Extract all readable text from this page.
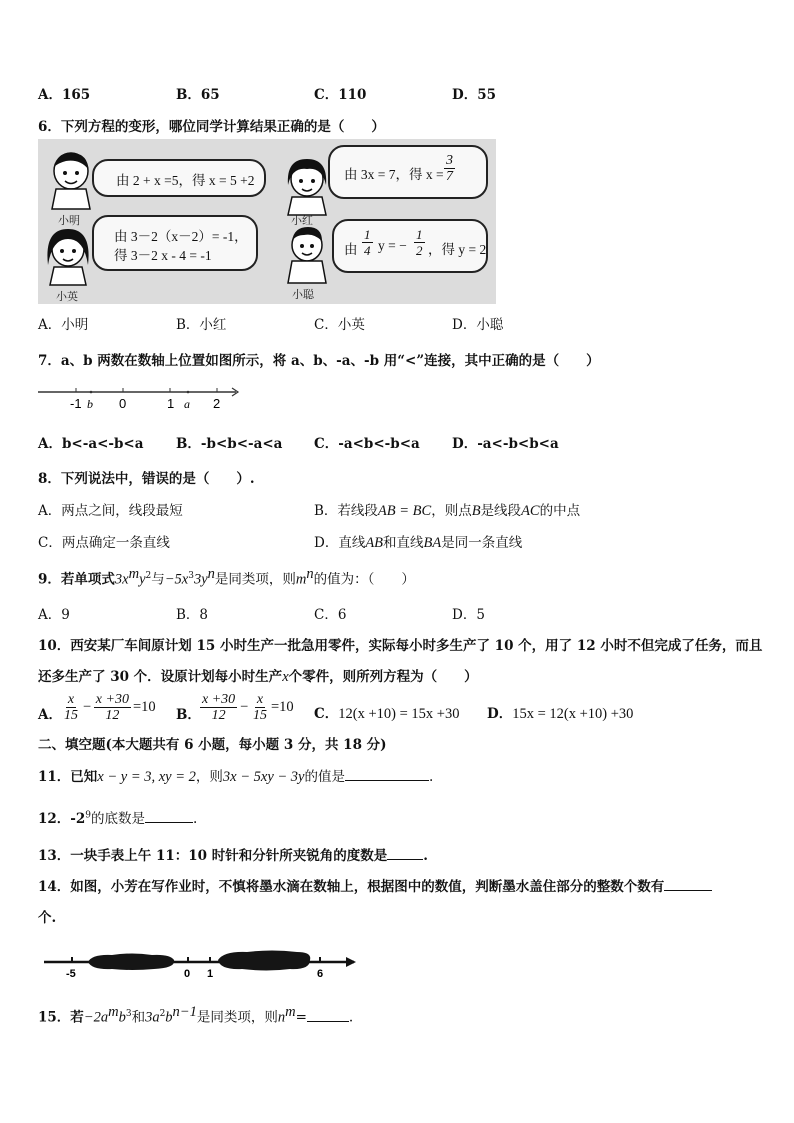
A．165	B．65	C．110	D．55
6．下列方程的变形，哪位同学计算结果正确的是（　　）
小明
由 2 + x =5，得 x = 5 +2
小红
由 3x = 7，得 $x = \frac{3}{7}$
小英
由 3－2（x－2）= -1，
得 3－2 x - 4 = -1
小聪
由 $\frac{1}{4}$ y = − $\frac{1}{2}$ ，得 y = 2
A．小明	B．小红	C．小英	D．小聪
7．a、b 两数在数轴上位置如图所示，将 a、b、-a、-b 用“<”连接，其中正确的是（　　）
-1 b 0	1 a 2
A．b<-a<-b<a B．-b<b<-a<a C．-a<b<-b<a D．-a<-b<b<a
8．下列说法中，错误的是（　　）.
A．两点之间，线段最短	B．若线段AB = BC，则点B是线段AC的中点
C．两点确定一条直线	D．直线AB和直线BA是同一条直线
9．若单项式$3x^my^2$与$-5x^33y^n$是同类项，则$m^n$的值为：（　　）
A．9	B．8	C．6	D．5
10．西安某厂车间原计划 15 小时生产一批急用零件，实际每小时多生产了 10 个，用了 12 小时不但完成了任务，而且
还多生产了 30 个．设原计划每小时生产x个零件，则所列方程为（　　）
A． $\frac{x}{15} - \frac{x +30}{12} =10$ B． $\frac{x +30}{12} - \frac{x}{15} =10$ C．12(x +10) = 15x +30 D．15x = 12(x +10) +30
二、填空题(本大题共有 6 小题，每小题 3 分，共 18 分)
11．已知x − y = 3, xy = 2，则3x − 5xy − 3y的值是	.
12．$-2^9$的底数是	.
13．一块手表上午 11：10 时针和分针所夹锐角的度数是	.
14．如图，小芳在写作业时，不慎将墨水滴在数轴上，根据图中的数值，判断墨水盖住部分的整数个数有
个.
-5	0 1	6
15．若$-2a^mb^3$和$3a^2b^{n-1}$是同类项，则$n^m=$	.
